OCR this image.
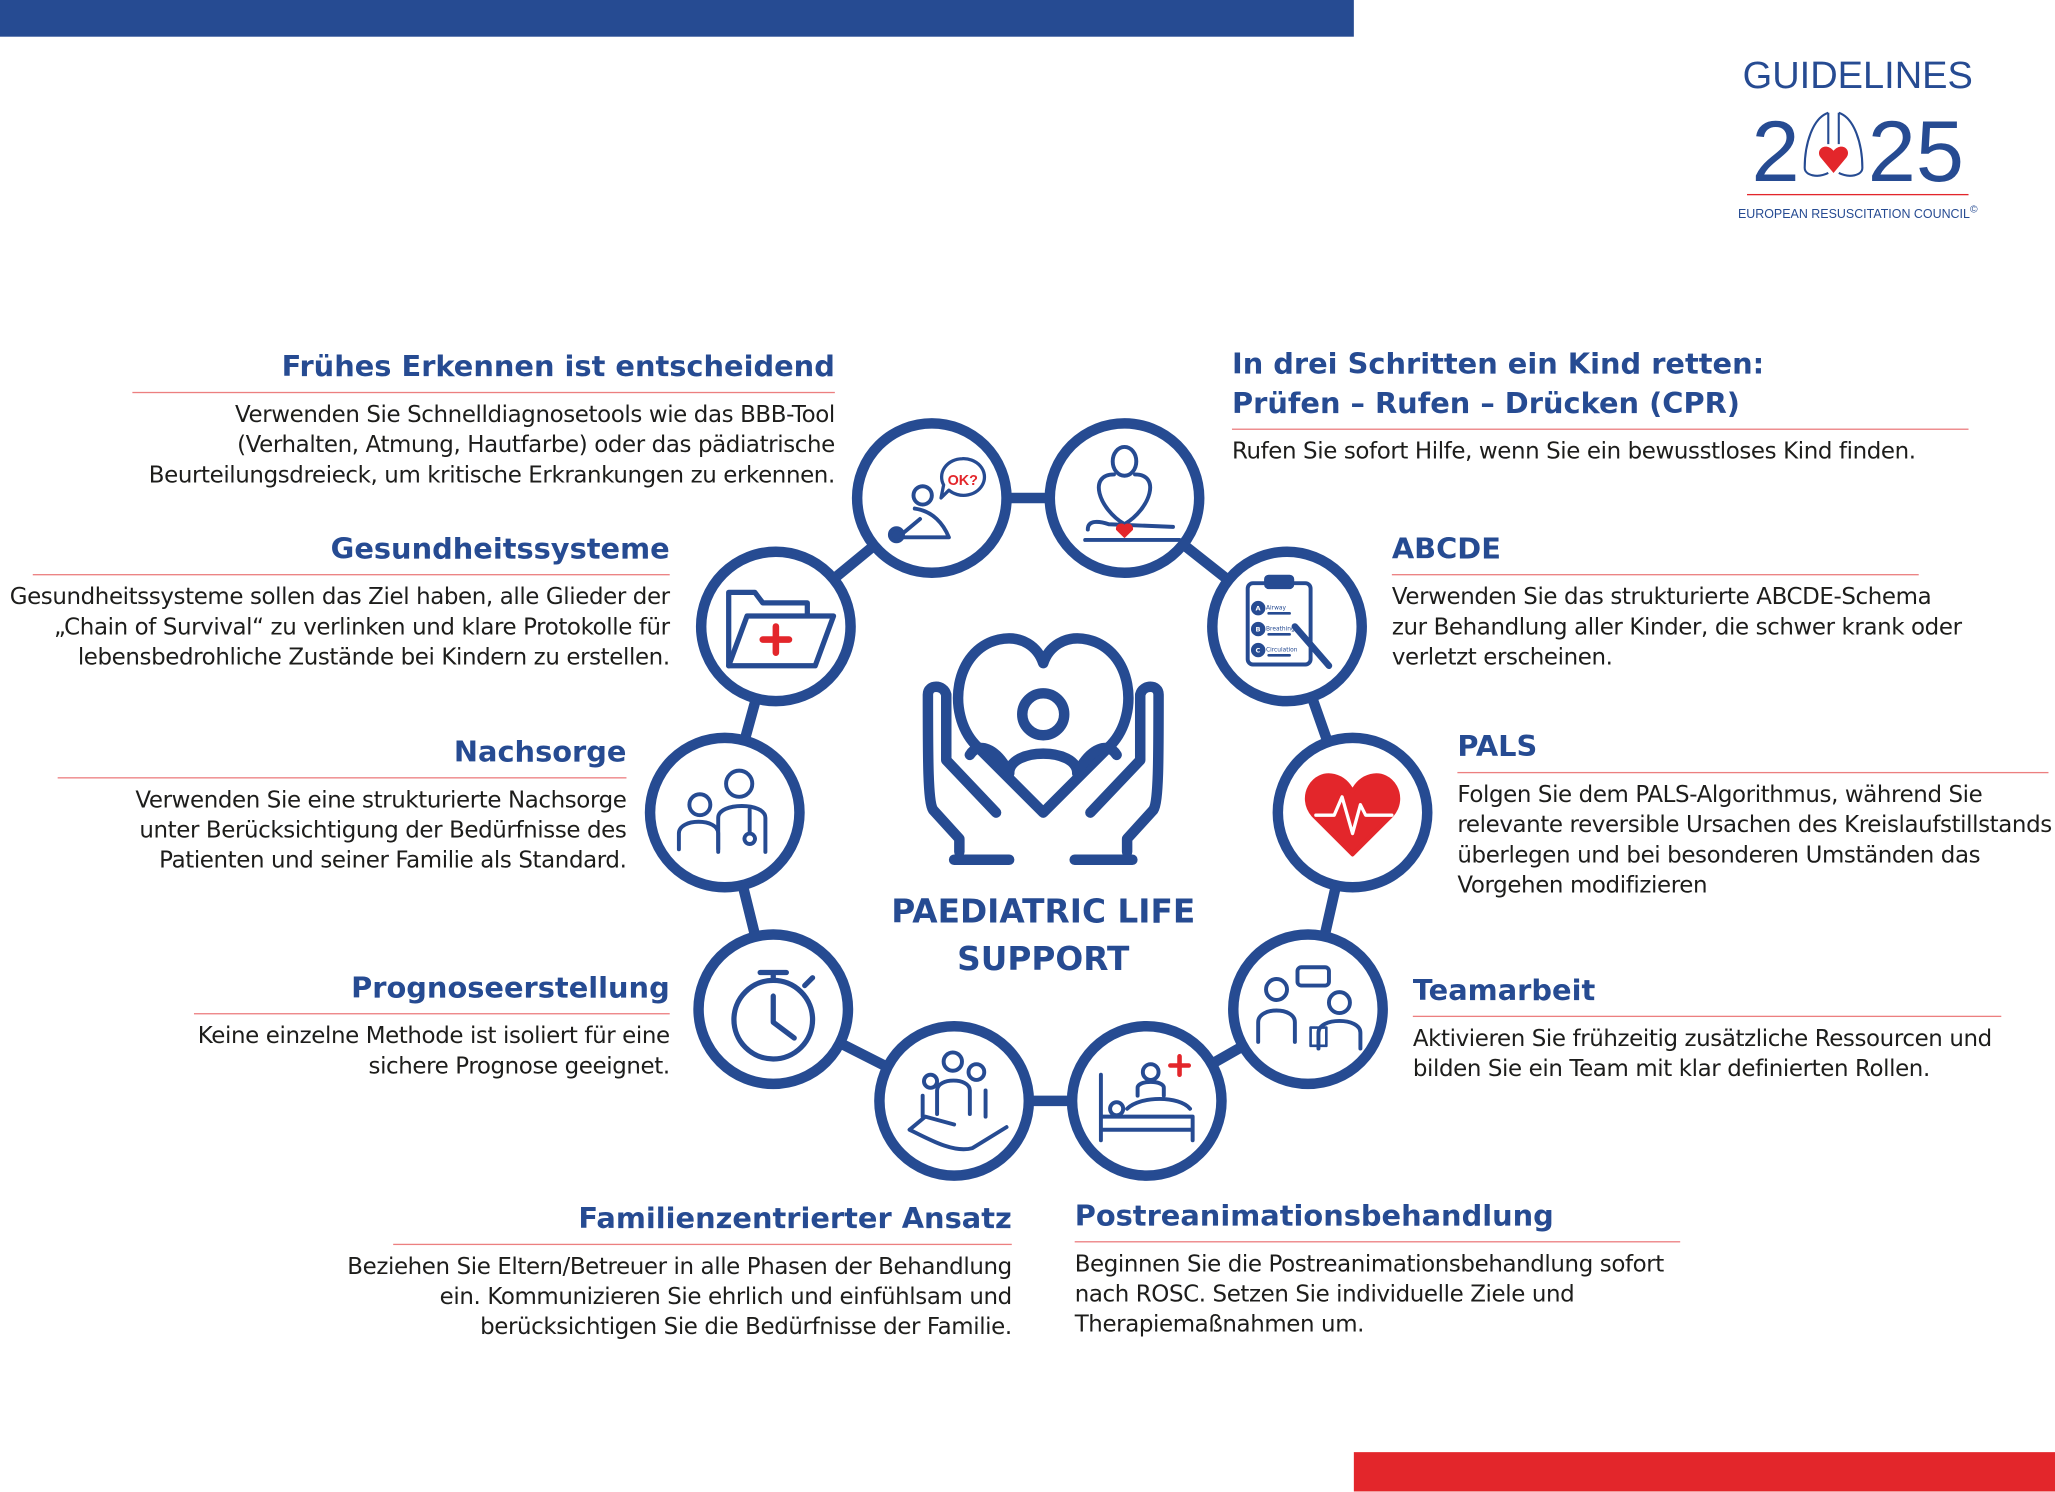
GUIDELINES
2 25
EUROPEAN RESUSCITATION COUNCIL©
OK?
A
B
C
Airway
Breathing
Circulation
PAEDIATRIC LIFE
SUPPORT
Frühes Erkennen ist entscheidend

Verwenden Sie Schnelldiagnosetools wie das BBB-Tool
(Verhalten, Atmung, Hautfarbe) oder das pädiatrische
Beurteilungsdreieck, um kritische Erkrankungen zu erkennen.

In drei Schritten ein Kind retten:
Prüfen – Rufen – Drücken (CPR)

Rufen Sie sofort Hilfe, wenn Sie ein bewusstloses Kind finden.

Gesundheitssysteme

Gesundheitssysteme sollen das Ziel haben, alle Glieder der
„Chain of Survival“ zu verlinken und klare Protokolle für
lebensbedrohliche Zustände bei Kindern zu erstellen.

ABCDE

Verwenden Sie das strukturierte ABCDE-Schema
zur Behandlung aller Kinder, die schwer krank oder
verletzt erscheinen.

Nachsorge

Verwenden Sie eine strukturierte Nachsorge
unter Berücksichtigung der Bedürfnisse des
Patienten und seiner Familie als Standard.

PALS

Folgen Sie dem PALS-Algorithmus, während Sie
relevante reversible Ursachen des Kreislaufstillstands
überlegen und bei besonderen Umständen das
Vorgehen modifizieren

Prognoseerstellung

Keine einzelne Methode ist isoliert für eine
sichere Prognose geeignet.

Teamarbeit

Aktivieren Sie frühzeitig zusätzliche Ressourcen und
bilden Sie ein Team mit klar definierten Rollen.

Familienzentrierter Ansatz

Beziehen Sie Eltern/Betreuer in alle Phasen der Behandlung
ein. Kommunizieren Sie ehrlich und einfühlsam und
berücksichtigen Sie die Bedürfnisse der Familie.

Postreanimationsbehandlung

Beginnen Sie die Postreanimationsbehandlung sofort
nach ROSC. Setzen Sie individuelle Ziele und
Therapiemaßnahmen um.
